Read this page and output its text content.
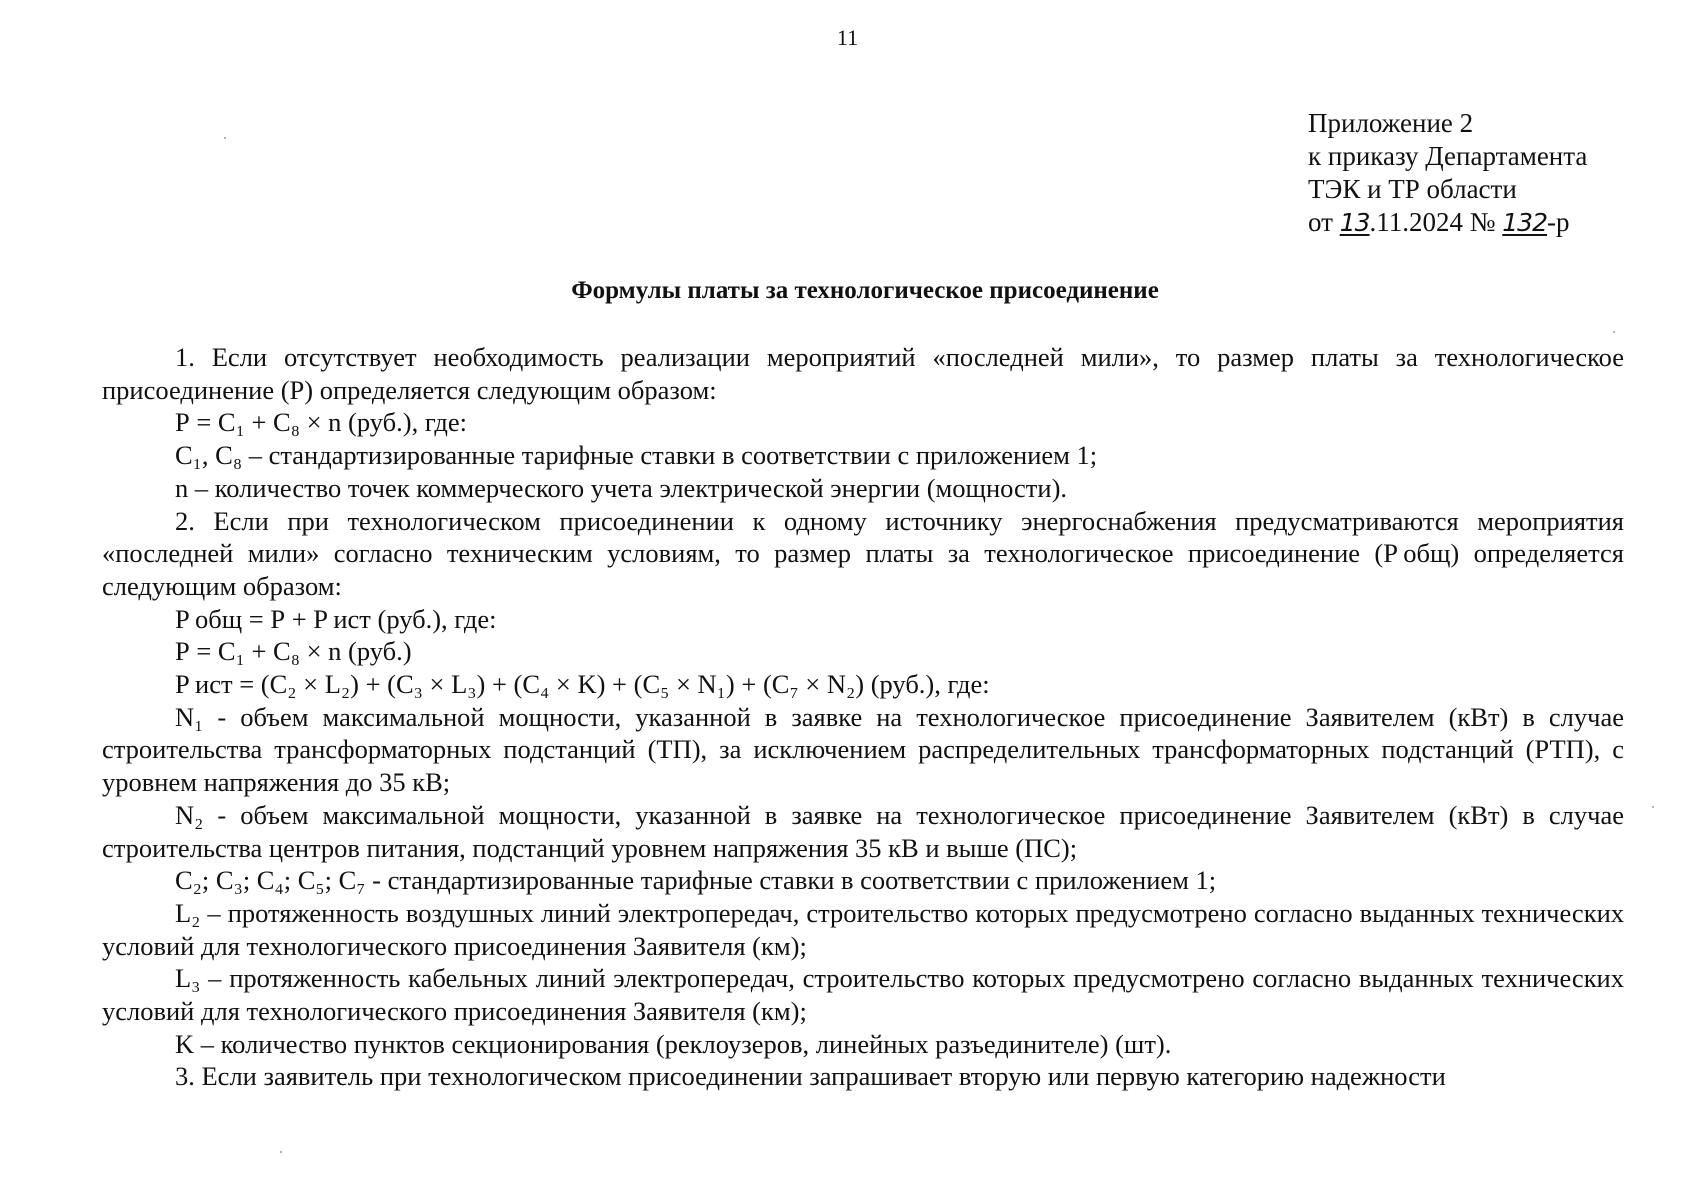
11
Приложение 2
к приказу Департамента
ТЭК и ТР области
от 13.11.2024 № 132-р
Формулы платы за технологическое присоединение

1. Если отсутствует необходимость реализации мероприятий «последней мили», то размер платы за технологическое присоединение (Р) определяется следующим образом:

Р = С₁ + С₈ × n (руб.), где:

С₁, С₈ – стандартизированные тарифные ставки в соответствии с приложением 1;

n – количество точек коммерческого учета электрической энергии (мощности).

2. Если при технологическом присоединении к одному источнику энергоснабжения предусматриваются мероприятия «последней мили» согласно техническим условиям, то размер платы за технологическое присоединение (Р общ) определяется следующим образом:

Р общ = Р + Р ист (руб.), где:

Р = С₁ + С₈ × n (руб.)

Р ист = (С₂ × L₂) + (С₃ × L₃) + (С₄ × K) + (С₅ × N₁) + (С₇ × N₂) (руб.), где:

N₁ - объем максимальной мощности, указанной в заявке на технологическое присоединение Заявителем (кВт) в случае строительства трансформаторных подстанций (ТП), за исключением распределительных трансформаторных подстанций (РТП), с уровнем напряжения до 35 кВ;

N₂ - объем максимальной мощности, указанной в заявке на технологическое присоединение Заявителем (кВт) в случае строительства центров питания, подстанций уровнем напряжения 35 кВ и выше (ПС);

С₂; С₃; С₄; С₅; С₇ - стандартизированные тарифные ставки в соответствии с приложением 1;

L₂ – протяженность воздушных линий электропередач, строительство которых предусмотрено согласно выданных технических условий для технологического присоединения Заявителя (км);

L₃ – протяженность кабельных линий электропередач, строительство которых предусмотрено согласно выданных технических условий для технологического присоединения Заявителя (км);

K – количество пунктов секционирования (реклоузеров, линейных разъединителе) (шт).

3. Если заявитель при технологическом присоединении запрашивает вторую или первую категорию надежности
